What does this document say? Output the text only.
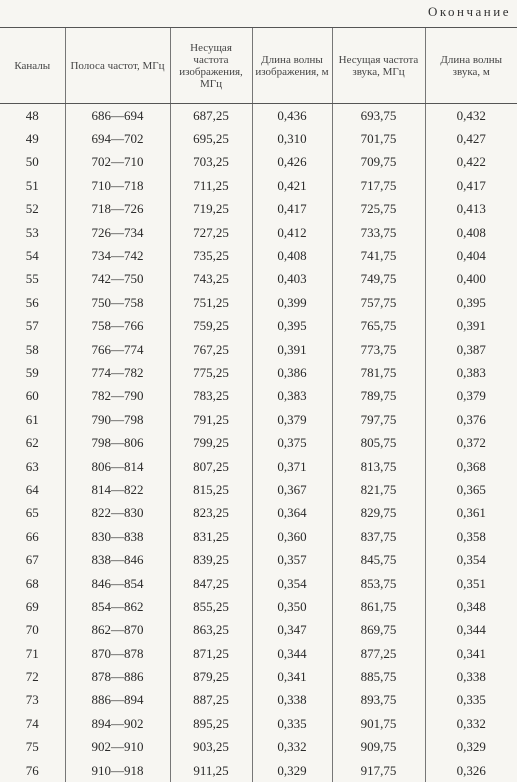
Окончание
Каналы	Полоса частот, МГц	Несущая частота изображения, МГц	Длина волны изображения, м	Несущая частота звука, МГц	Длина волны звука, м
48	686—694	687,25	0,436	693,75	0,432
49	694—702	695,25	0,310	701,75	0,427
50	702—710	703,25	0,426	709,75	0,422
51	710—718	711,25	0,421	717,75	0,417
52	718—726	719,25	0,417	725,75	0,413
53	726—734	727,25	0,412	733,75	0,408
54	734—742	735,25	0,408	741,75	0,404
55	742—750	743,25	0,403	749,75	0,400
56	750—758	751,25	0,399	757,75	0,395
57	758—766	759,25	0,395	765,75	0,391
58	766—774	767,25	0,391	773,75	0,387
59	774—782	775,25	0,386	781,75	0,383
60	782—790	783,25	0,383	789,75	0,379
61	790—798	791,25	0,379	797,75	0,376
62	798—806	799,25	0,375	805,75	0,372
63	806—814	807,25	0,371	813,75	0,368
64	814—822	815,25	0,367	821,75	0,365
65	822—830	823,25	0,364	829,75	0,361
66	830—838	831,25	0,360	837,75	0,358
67	838—846	839,25	0,357	845,75	0,354
68	846—854	847,25	0,354	853,75	0,351
69	854—862	855,25	0,350	861,75	0,348
70	862—870	863,25	0,347	869,75	0,344
71	870—878	871,25	0,344	877,25	0,341
72	878—886	879,25	0,341	885,75	0,338
73	886—894	887,25	0,338	893,75	0,335
74	894—902	895,25	0,335	901,75	0,332
75	902—910	903,25	0,332	909,75	0,329
76	910—918	911,25	0,329	917,75	0,326
